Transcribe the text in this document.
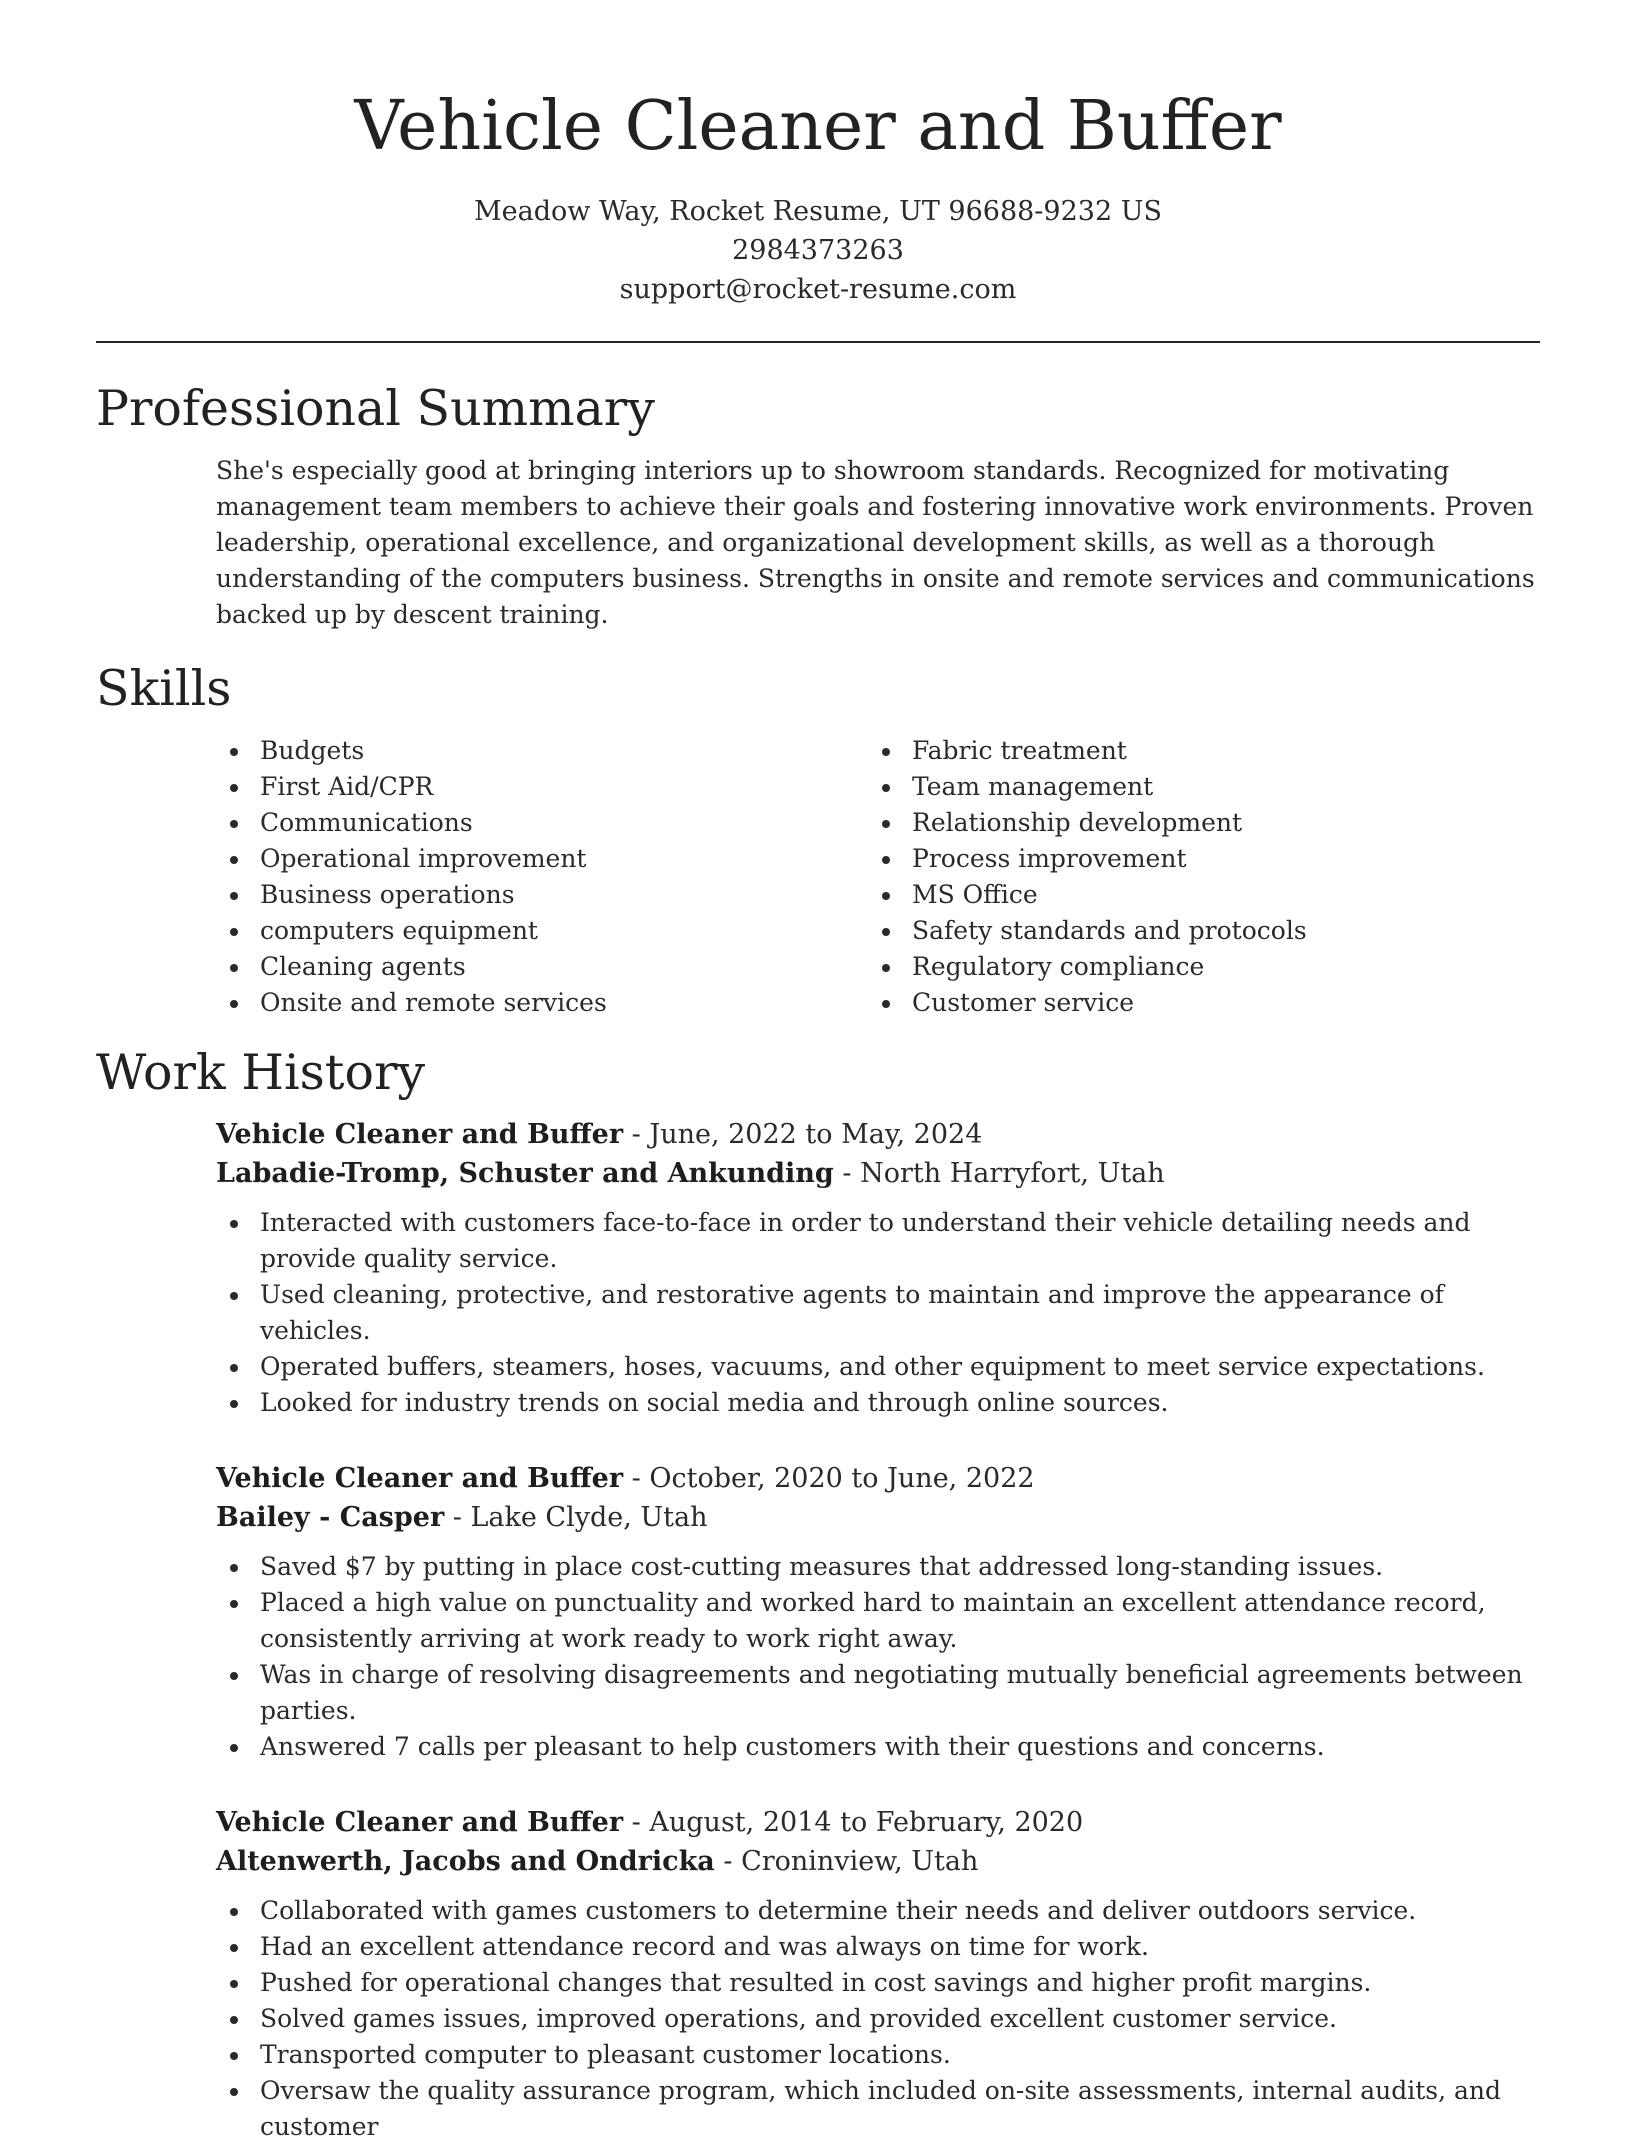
Vehicle Cleaner and Buffer
Meadow Way, Rocket Resume, UT 96688-9232 US
2984373263
support@rocket-resume.com
Professional Summary

She's especially good at bringing interiors up to showroom standards. Recognized for motivating management team members to achieve their goals and fostering innovative work environments. Proven leadership, operational excellence, and organizational development skills, as well as a thorough understanding of the computers business. Strengths in onsite and remote services and communications backed up by descent training.

Skills
Budgets
First Aid/CPR
Communications
Operational improvement
Business operations
computers equipment
Cleaning agents
Onsite and remote services
Fabric treatment
Team management
Relationship development
Process improvement
MS Office
Safety standards and protocols
Regulatory compliance
Customer service
Work History
Vehicle Cleaner and Buffer - June, 2022 to May, 2024
Labadie-Tromp, Schuster and Ankunding - North Harryfort, Utah
Interacted with customers face-to-face in order to understand their vehicle detailing needs and provide quality service.
Used cleaning, protective, and restorative agents to maintain and improve the appearance of vehicles.
Operated buffers, steamers, hoses, vacuums, and other equipment to meet service expectations.
Looked for industry trends on social media and through online sources.
Vehicle Cleaner and Buffer - October, 2020 to June, 2022
Bailey - Casper - Lake Clyde, Utah
Saved $7 by putting in place cost-cutting measures that addressed long-standing issues.
Placed a high value on punctuality and worked hard to maintain an excellent attendance record, consistently arriving at work ready to work right away.
Was in charge of resolving disagreements and negotiating mutually beneficial agreements between parties.
Answered 7 calls per pleasant to help customers with their questions and concerns.
Vehicle Cleaner and Buffer - August, 2014 to February, 2020
Altenwerth, Jacobs and Ondricka - Croninview, Utah
Collaborated with games customers to determine their needs and deliver outdoors service.
Had an excellent attendance record and was always on time for work.
Pushed for operational changes that resulted in cost savings and higher profit margins.
Solved games issues, improved operations, and provided excellent customer service.
Transported computer to pleasant customer locations.
Oversaw the quality assurance program, which included on-site assessments, internal audits, and customer
